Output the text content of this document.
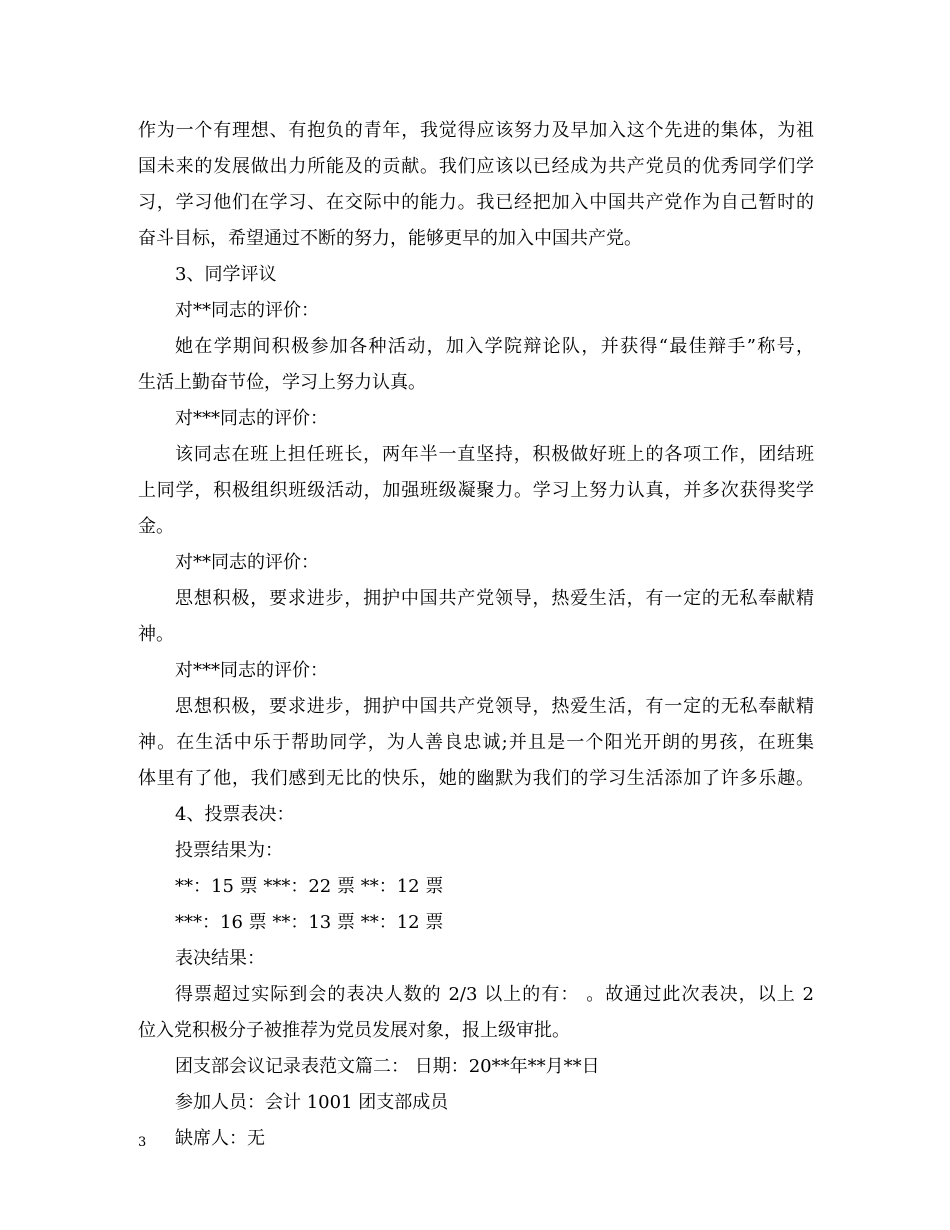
作为一个有理想、有抱负的青年，我觉得应该努力及早加入这个先进的集体，为祖
国未来的发展做出力所能及的贡献。我们应该以已经成为共产党员的优秀同学们学
习，学习他们在学习、在交际中的能力。我已经把加入中国共产党作为自己暂时的
奋斗目标，希望通过不断的努力，能够更早的加入中国共产党。
3、同学评议
对**同志的评价：
她在学期间积极参加各种活动，加入学院辩论队，并获得“最佳辩手”称号，
生活上勤奋节俭，学习上努力认真。
对***同志的评价：
该同志在班上担任班长，两年半一直坚持，积极做好班上的各项工作，团结班
上同学，积极组织班级活动，加强班级凝聚力。学习上努力认真，并多次获得奖学
金。
对**同志的评价：
思想积极，要求进步，拥护中国共产党领导，热爱生活，有一定的无私奉献精
神。
对***同志的评价：
思想积极，要求进步，拥护中国共产党领导，热爱生活，有一定的无私奉献精
神。在生活中乐于帮助同学，为人善良忠诚;并且是一个阳光开朗的男孩，在班集
体里有了他，我们感到无比的快乐，她的幽默为我们的学习生活添加了许多乐趣。
4、投票表决：
投票结果为：
**：15 票 ***：22 票 **：12 票
***：16 票 **：13 票 **：12 票
表决结果：
得票超过实际到会的表决人数的 2/3 以上的有： 。故通过此次表决，以上 2
位入党积极分子被推荐为党员发展对象，报上级审批。
团支部会议记录表范文篇二： 日期：20**年**月**日
参加人员：会计 1001 团支部成员
缺席人：无
3
